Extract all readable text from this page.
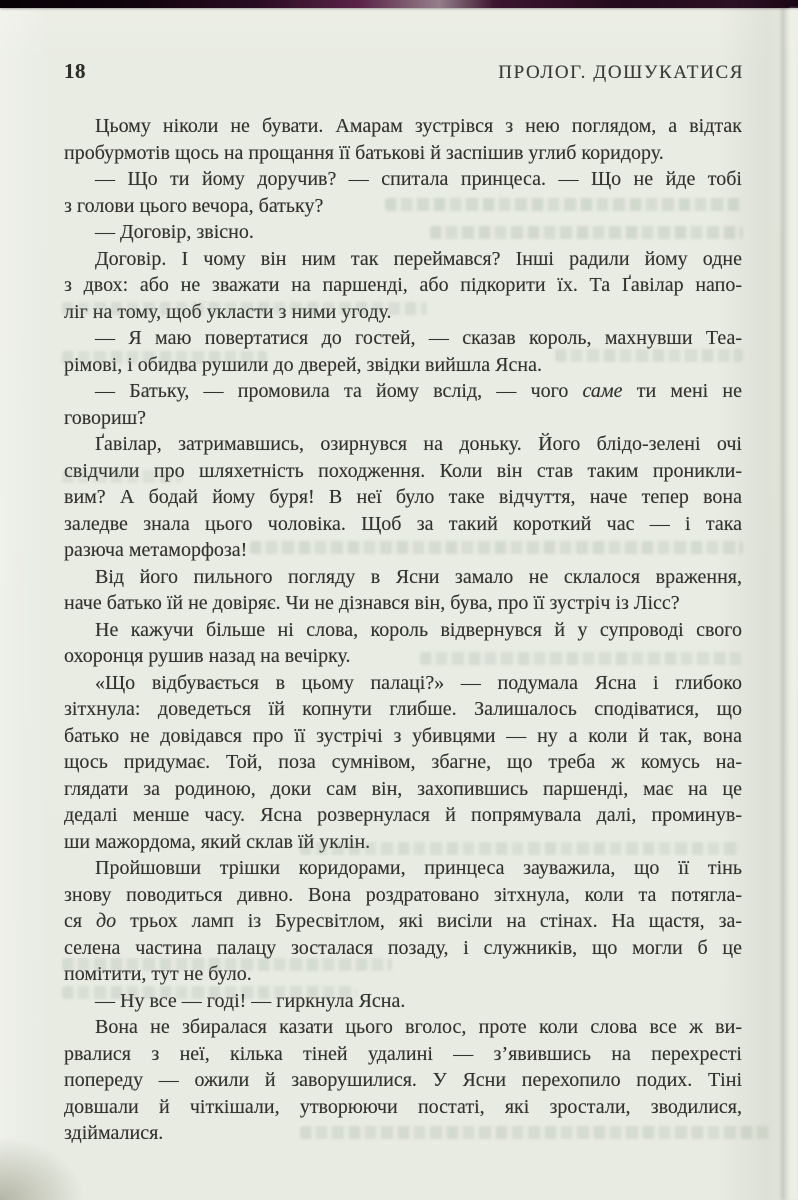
18	ПРОЛОГ. ДОШУКАТИСЯ
Цьому ніколи не бувати. Амарам зустрівся з нею поглядом, а відтак
пробурмотів щось на прощання її батькові й заспішив углиб коридору.
— Що ти йому доручив? — спитала принцеса. — Що не йде тобі
з голови цього вечора, батьку?
— Договір, звісно.
Договір. І чому він ним так переймався? Інші радили йому одне
з двох: або не зважати на паршенді, або підкорити їх. Та Ґавілар напо-
ліг на тому, щоб укласти з ними угоду.
— Я маю повертатися до гостей, — сказав король, махнувши Теа-
рімові, і обидва рушили до дверей, звідки вийшла Ясна.
— Батьку, — промовила та йому вслід, — чого саме ти мені не
говориш?
Ґавілар, затримавшись, озирнувся на доньку. Його блідо-зелені очі
свідчили про шляхетність походження. Коли він став таким проникли-
вим? А бодай йому буря! В неї було таке відчуття, наче тепер вона
заледве знала цього чоловіка. Щоб за такий короткий час — і така
разюча метаморфоза!
Від його пильного погляду в Ясни замало не склалося враження,
наче батько їй не довіряє. Чи не дізнався він, бува, про її зустріч із Лісс?
Не кажучи більше ні слова, король відвернувся й у супроводі свого
охоронця рушив назад на вечірку.
«Що відбувається в цьому палаці?» — подумала Ясна і глибоко
зітхнула: доведеться їй копнути глибше. Залишалось сподіватися, що
батько не довідався про її зустрічі з убивцями — ну а коли й так, вона
щось придумає. Той, поза сумнівом, збагне, що треба ж комусь на-
глядати за родиною, доки сам він, захопившись паршенді, має на це
дедалі менше часу. Ясна розвернулася й попрямувала далі, проминув-
ши мажордома, який склав їй уклін.
Пройшовши трішки коридорами, принцеса зауважила, що її тінь
знову поводиться дивно. Вона роздратовано зітхнула, коли та потягла-
ся до трьох ламп із Буресвітлом, які висіли на стінах. На щастя, за-
селена частина палацу зосталася позаду, і служників, що могли б це
помітити, тут не було.
— Ну все — годі! — гиркнула Ясна.
Вона не збиралася казати цього вголос, проте коли слова все ж ви-
рвалися з неї, кілька тіней удалині — з’явившись на перехресті
попереду — ожили й заворушилися. У Ясни перехопило подих. Тіні
довшали й чіткішали, утворюючи постаті, які зростали, зводилися,
здіймалися.
